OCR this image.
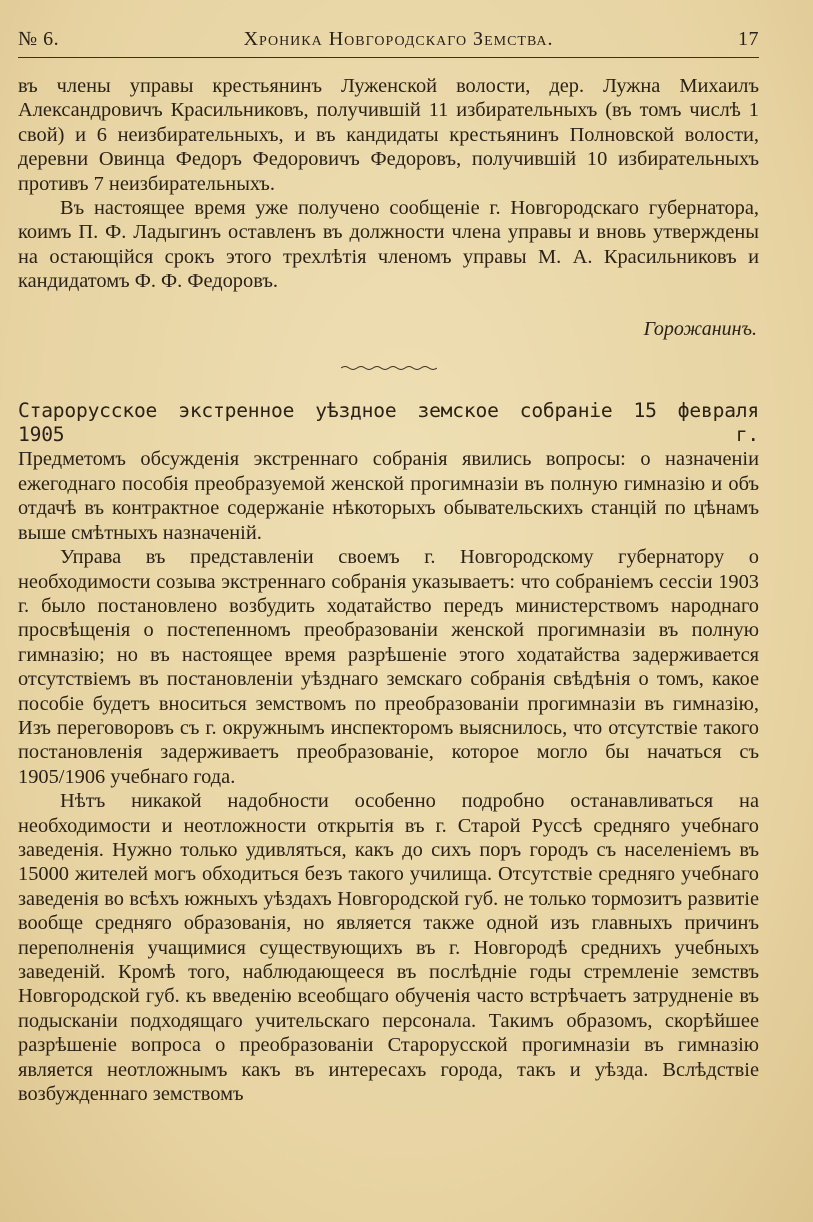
№ 6.	Хроника Новгородскаго Земства.	17

въ члены управы крестьянинъ Луженской волости, дер. Лужна Михаилъ Александровичъ Красильниковъ, получившій 11 избирательныхъ (въ томъ числѣ 1 свой) и 6 неизбирательныхъ, и въ кандидаты крестьянинъ Полновской волости, деревни Овинца Федоръ Федоровичъ Федоровъ, получившій 10 избирательныхъ противъ 7 неизбирательныхъ.

Въ настоящее время уже получено сообщеніе г. Новгородскаго губернатора, коимъ П. Ф. Ладыгинъ оставленъ въ должности члена управы и вновь утверждены на остающійся срокъ этого трехлѣтія членомъ управы М. А. Красильниковъ и кандидатомъ Ф. Ф. Федоровъ.

Горожанинъ.

Старорусское экстренное уѣздное земское собраніе 15 февраля 1905 г.

Предметомъ обсужденія экстреннаго собранія явились вопросы: о назначеніи ежегоднаго пособія преобразуемой женской прогимназіи въ полную гимназію и объ отдачѣ въ контрактное содержаніе нѣкоторыхъ обывательскихъ станцій по цѣнамъ выше смѣтныхъ назначеній.

Управа въ представленіи своемъ г. Новгородскому губернатору о необходимости созыва экстреннаго собранія указываетъ: что собраніемъ сессіи 1903 г. было постановлено возбудить ходатайство передъ министерствомъ народнаго просвѣщенія о постепенномъ преобразованіи женской прогимназіи въ полную гимназію; но въ настоящее время разрѣшеніе этого ходатайства задерживается отсутствіемъ въ постановленіи уѣзднаго земскаго собранія свѣдѣнія о томъ, какое пособіе будетъ вноситься земствомъ по преобразованіи прогимназіи въ гимназію, Изъ переговоровъ съ г. окружнымъ инспекторомъ выяснилось, что отсутствіе такого постановленія задерживаетъ преобразованіе, которое могло бы начаться съ 1905/1906 учебнаго года.

Нѣтъ никакой надобности особенно подробно останавливаться на необходимости и неотложности открытія въ г. Старой Руссѣ средняго учебнаго заведенія. Нужно только удивляться, какъ до сихъ поръ городъ съ населеніемъ въ 15000 жителей могъ обходиться безъ такого училища. Отсутствіе средняго учебнаго заведенія во всѣхъ южныхъ уѣздахъ Новгородской губ. не только тормозитъ развитіе вообще средняго образованія, но является также одной изъ главныхъ причинъ переполненія учащимися существующихъ въ г. Новгородѣ среднихъ учебныхъ заведеній. Кромѣ того, наблюдающееся въ послѣдніе годы стремленіе земствъ Новгородской губ. къ введенію всеобщаго обученія часто встрѣчаетъ затрудненіе въ подысканіи подходящаго учительскаго персонала. Такимъ образомъ, скорѣйшее разрѣшеніе вопроса о преобразованіи Старорусской прогимназіи въ гимназію является неотложнымъ какъ въ интересахъ города, такъ и уѣзда. Вслѣдствіе возбужденнаго земствомъ
